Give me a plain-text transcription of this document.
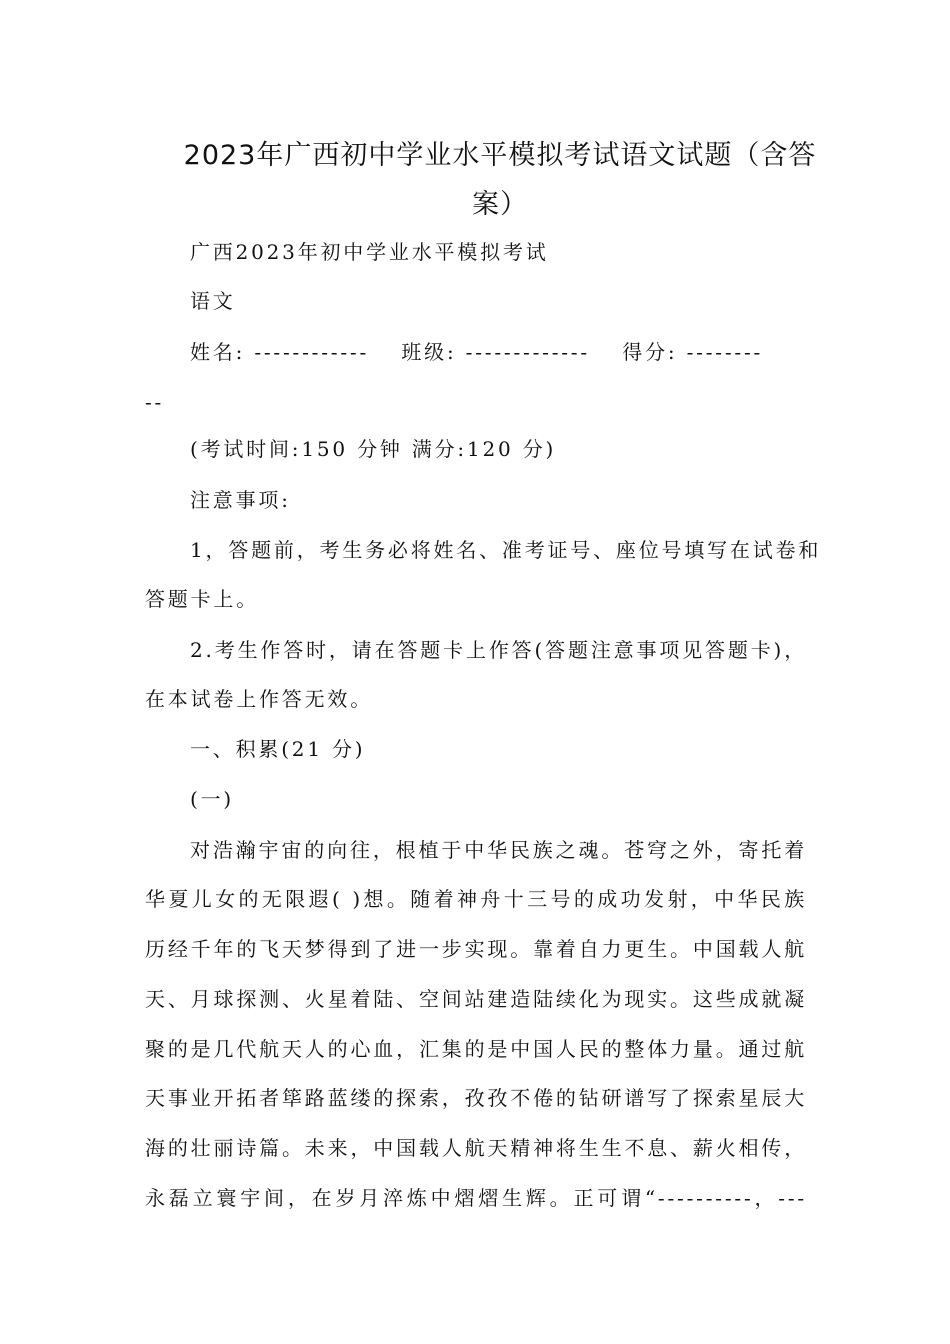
2023年广西初中学业水平模拟考试语文试题（含答
案）
广西2023年初中学业水平模拟考试
语文
姓名: ------------ 班级: ------------- 得分: --------
--
(考试时间:150 分钟 满分:120 分)
注意事项:
1，答题前，考生务必将姓名、准考证号、座位号填写在试卷和
答题卡上。
2.考生作答时，请在答题卡上作答(答题注意事项见答题卡)，
在本试卷上作答无效。
一、积累(21 分)
(一)
对浩瀚宇宙的向往，根植于中华民族之魂。苍穹之外，寄托着
华夏儿女的无限遐( )想。随着神舟十三号的成功发射，中华民族
历经千年的飞天梦得到了进一步实现。靠着自力更生。中国载人航
天、月球探测、火星着陆、空间站建造陆续化为现实。这些成就凝
聚的是几代航天人的心血，汇集的是中国人民的整体力量。通过航
天事业开拓者筚路蓝缕的探索，孜孜不倦的钻研谱写了探索星辰大
海的壮丽诗篇。未来，中国载人航天精神将生生不息、薪火相传，
永磊立寰宇间，在岁月淬炼中熠熠生辉。正可谓“----------，---
